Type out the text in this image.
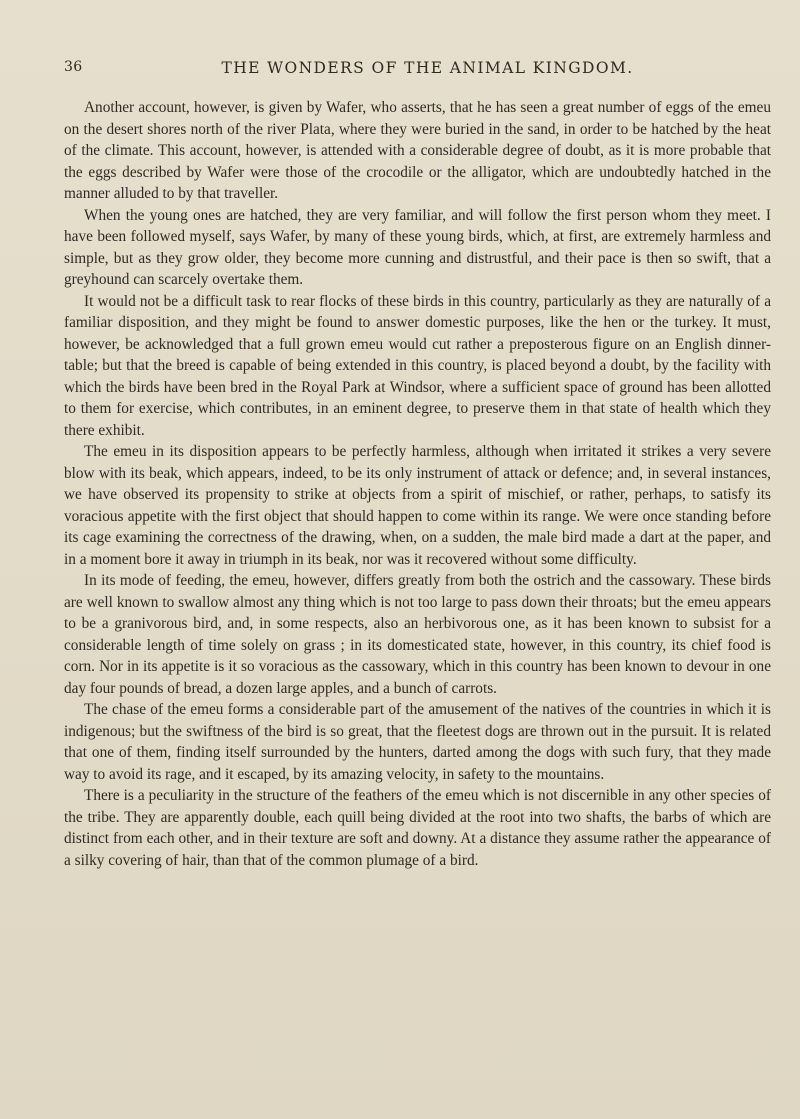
36	THE WONDERS OF THE ANIMAL KINGDOM.

Another account, however, is given by Wafer, who asserts, that he has seen a great number of eggs of the emeu on the desert shores north of the river Plata, where they were buried in the sand, in order to be hatched by the heat of the climate. This account, however, is attended with a considerable degree of doubt, as it is more probable that the eggs described by Wafer were those of the crocodile or the alligator, which are undoubtedly hatched in the manner alluded to by that traveller.

When the young ones are hatched, they are very familiar, and will follow the first person whom they meet. I have been followed myself, says Wafer, by many of these young birds, which, at first, are extremely harmless and simple, but as they grow older, they become more cunning and distrustful, and their pace is then so swift, that a greyhound can scarcely overtake them.

It would not be a difficult task to rear flocks of these birds in this country, particularly as they are naturally of a familiar disposition, and they might be found to answer domestic purposes, like the hen or the turkey. It must, however, be acknowledged that a full grown emeu would cut rather a preposterous figure on an English dinner-table; but that the breed is capable of being extended in this country, is placed beyond a doubt, by the facility with which the birds have been bred in the Royal Park at Windsor, where a sufficient space of ground has been allotted to them for exercise, which contributes, in an eminent degree, to preserve them in that state of health which they there exhibit.

The emeu in its disposition appears to be perfectly harmless, although when irritated it strikes a very severe blow with its beak, which appears, indeed, to be its only instrument of attack or defence; and, in several instances, we have observed its propensity to strike at objects from a spirit of mischief, or rather, perhaps, to satisfy its voracious appetite with the first object that should happen to come within its range. We were once standing before its cage examining the correctness of the drawing, when, on a sudden, the male bird made a dart at the paper, and in a moment bore it away in triumph in its beak, nor was it recovered without some difficulty.

In its mode of feeding, the emeu, however, differs greatly from both the ostrich and the cassowary. These birds are well known to swallow almost any thing which is not too large to pass down their throats; but the emeu appears to be a granivorous bird, and, in some respects, also an herbivorous one, as it has been known to subsist for a considerable length of time solely on grass ; in its domesticated state, however, in this country, its chief food is corn. Nor in its appetite is it so voracious as the cassowary, which in this country has been known to devour in one day four pounds of bread, a dozen large apples, and a bunch of carrots.

The chase of the emeu forms a considerable part of the amusement of the natives of the countries in which it is indigenous; but the swiftness of the bird is so great, that the fleetest dogs are thrown out in the pursuit. It is related that one of them, finding itself surrounded by the hunters, darted among the dogs with such fury, that they made way to avoid its rage, and it escaped, by its amazing velocity, in safety to the mountains.

There is a peculiarity in the structure of the feathers of the emeu which is not discernible in any other species of the tribe. They are apparently double, each quill being divided at the root into two shafts, the barbs of which are distinct from each other, and in their texture are soft and downy. At a distance they assume rather the appearance of a silky covering of hair, than that of the common plumage of a bird.
